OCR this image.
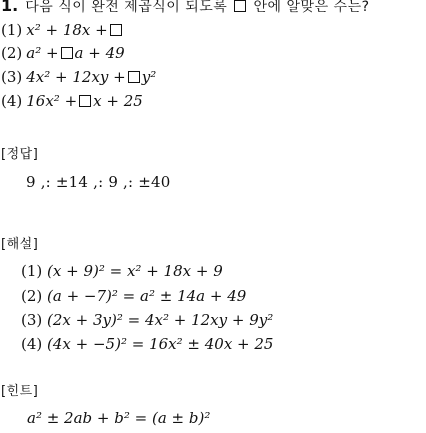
1. 다음 식이 완전 제곱식이 되도록 안에 알맞은 수는?
(1) x² + 18x +
(2) a² + a + 49
(3) 4x² + 12xy + y²
(4) 16x² + x + 25
[정답]
9 ,: ±14 ,: 9 ,: ±40
[해설]
(1) (x + 9)² = x² + 18x + 9
(2) (a + −7)² = a² ± 14a + 49
(3) (2x + 3y)² = 4x² + 12xy + 9y²
(4) (4x + −5)² = 16x² ± 40x + 25
[힌트]
a² ± 2ab + b² = (a ± b)²
